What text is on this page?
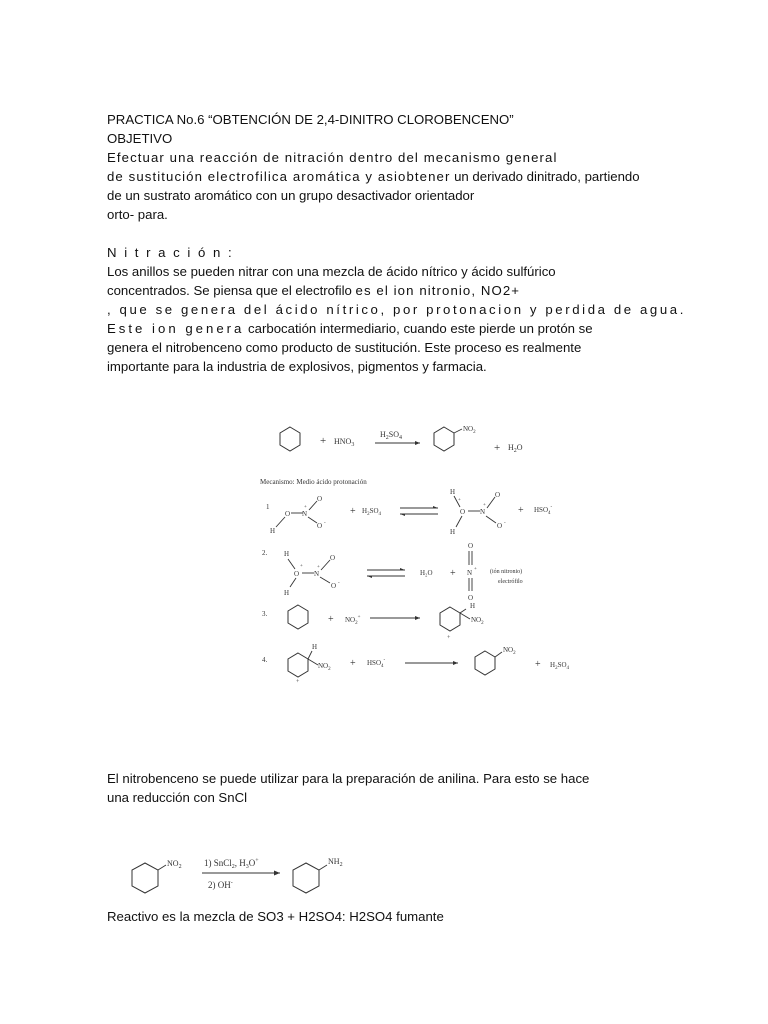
PRACTICA No.6 “OBTENCIÓN DE 2,4-DINITRO CLOROBENCENO”
OBJETIVO
Efectuar una reacción de nitración dentro del mecanismo general
de sustitución electrofilica aromática y asiobtener un derivado dinitrado, partiendo
de un sustrato aromático con un grupo desactivador orientador
orto- para.
N i t r a c i ó n :
Los anillos se pueden nitrar con una mezcla de ácido nítrico y ácido sulfúrico
concentrados. Se piensa que el electrofilo es el ion nitronio, NO2+
, que se genera del ácido nítrico, por protonacion y perdida de agua.
Este ion genera carbocatión intermediario, cuando este pierde un protón se
genera el nitrobenceno como producto de sustitución. Este proceso es realmente
importante para la industria de explosivos, pigmentos y farmacia.
+ $HNO_3$
$H_2SO_4$
$NO_2$
+ $H_2O$
Mecanismo: Medio ácido protonación
1
H
O N
+
O
O -
+ $H_2SO_4$
H
+
O
H
N
+
O
O -
+ $HSO_4^-$
2. H
O
+
H
N
+
O
O -
H₂O +
O
N +
O
(ión nitronio)
electrófilo
3.	+ $NO_2^+$
H
$NO_2$
+
4.
H
$NO_2$
+
+ $HSO_4^-$
$NO_2$
+ $H_2SO_4$
El nitrobenceno se puede utilizar para la preparación de anilina. Para esto se hace
una reducción con SnCl
$NO_2$ 1) SnCl$_2$, $H_3O^+$
2) OH-
$NH_2$
Reactivo es la mezcla de SO3 + H2SO4: H2SO4 fumante
